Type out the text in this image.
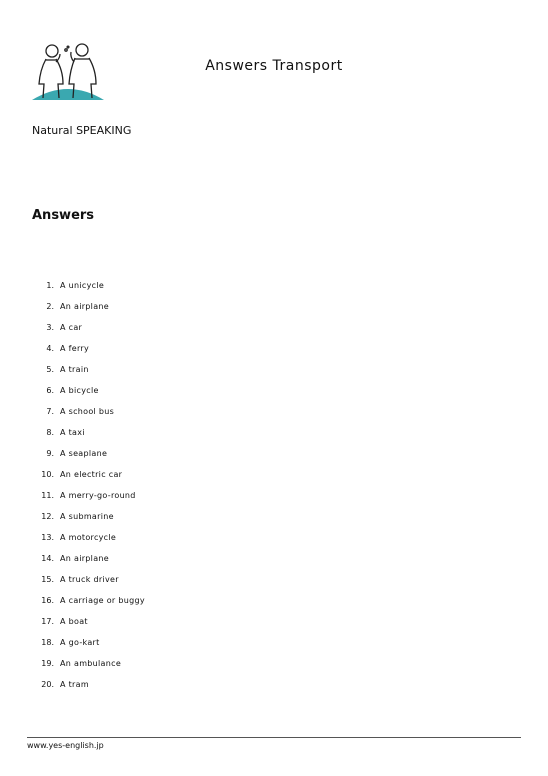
Answers Transport
Natural SPEAKING
Answers
1. A unicycle
2. An airplane
3. A car
4. A ferry
5. A train
6. A bicycle
7. A school bus
8. A taxi
9. A seaplane
10. An electric car
11. A merry-go-round
12. A submarine
13. A motorcycle
14. An airplane
15. A truck driver
16. A carriage or buggy
17. A boat
18. A go-kart
19. An ambulance
20. A tram
www.yes-english.jp
